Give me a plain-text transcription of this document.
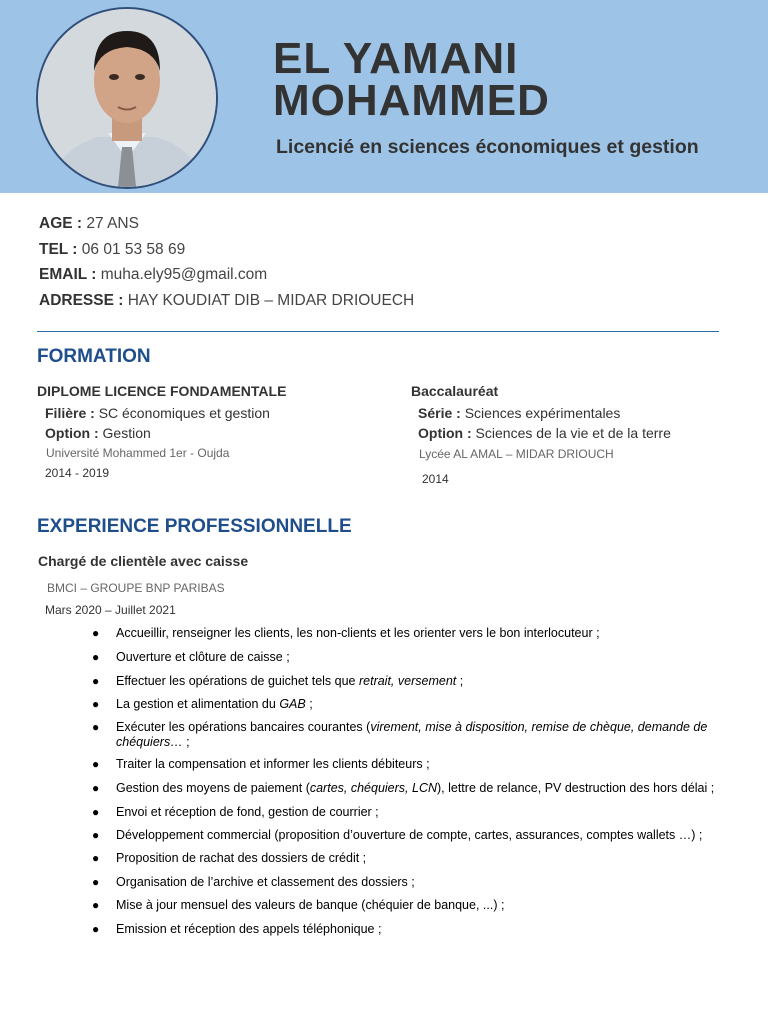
EL YAMANI
MOHAMMED

Licencié en sciences économiques et gestion

AGE : 27 ANS
TEL : 06 01 53 58 69
EMAIL : muha.ely95@gmail.com
ADRESSE : HAY KOUDIAT DIB – MIDAR DRIOUECH
FORMATION
DIPLOME LICENCE FONDAMENTALE
Filière : SC économiques et gestion
Option : Gestion
Université Mohammed 1er - Oujda
2014 - 2019
Baccalauréat
Série : Sciences expérimentales
Option : Sciences de la vie et de la terre
Lycée AL AMAL – MIDAR DRIOUCH
2014
EXPERIENCE PROFESSIONNELLE
Chargé de clientèle avec caisse
BMCI – GROUPE BNP PARIBAS
Mars 2020 – Juillet 2021
● Accueillir, renseigner les clients, les non-clients et les orienter vers le bon interlocuteur ;
● Ouverture et clôture de caisse ;
● Effectuer les opérations de guichet tels que retrait, versement ;
● La gestion et alimentation du GAB ;
● Exécuter les opérations bancaires courantes (virement, mise à disposition, remise de chèque, demande de chéquiers… ;
● Traiter la compensation et informer les clients débiteurs ;
● Gestion des moyens de paiement (cartes, chéquiers, LCN), lettre de relance, PV destruction des hors délai ;
● Envoi et réception de fond, gestion de courrier ;
● Développement commercial (proposition d’ouverture de compte, cartes, assurances, comptes wallets …) ;
● Proposition de rachat des dossiers de crédit ;
● Organisation de l’archive et classement des dossiers ;
● Mise à jour mensuel des valeurs de banque (chéquier de banque, ...) ;
● Emission et réception des appels téléphonique ;
